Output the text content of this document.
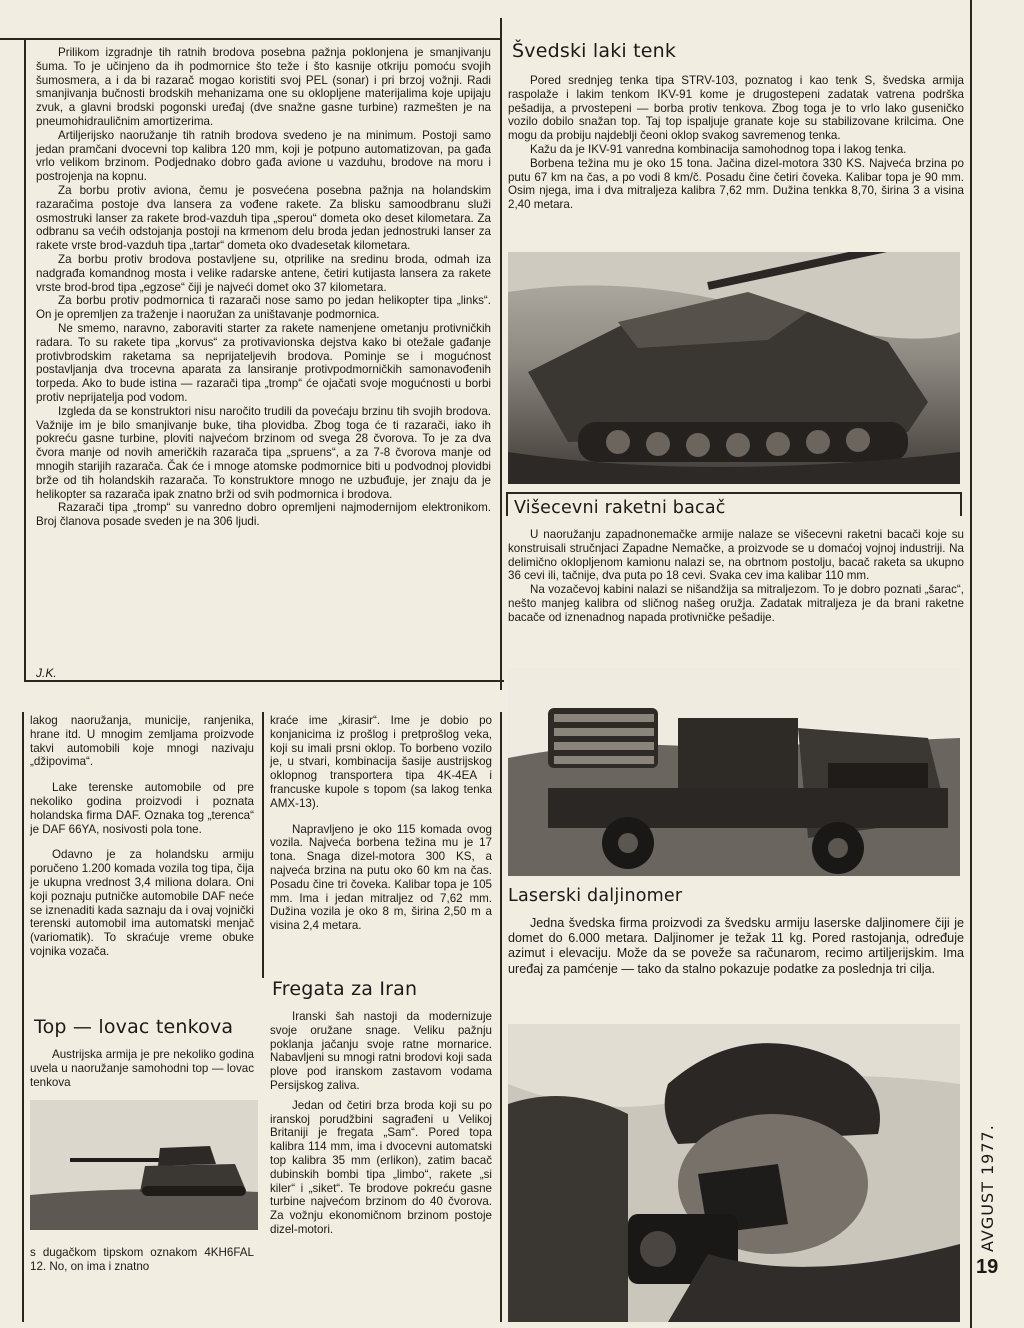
Prilikom izgradnje tih ratnih brodova posebna pažnja poklonjena je smanjivanju šuma. To je učinjeno da ih podmornice što teže i što kasnije otkriju pomoću svojih šumosmera, a i da bi razarač mogao koristiti svoj PEL (sonar) i pri brzoj vožnji. Radi smanjivanja bučnosti brodskih mehanizama one su okloplјene materijalima koje upijaju zvuk, a glavni brodski pogonski uređaj (dve snažne gasne turbine) razmešten je na pneumohidrauličnim amortizerima.

Artiljerijsko naoružanje tih ratnih brodova svedeno je na minimum. Postoji samo jedan pramčani dvocevni top kalibra 120 mm, koji je potpuno automatizovan, pa gađa vrlo velikom brzinom. Podjednako dobro gađa avione u vazduhu, brodove na moru i postrojenja na kopnu.

Za borbu protiv aviona, čemu je posvećena posebna pažnja na holandskim razaračima postoje dva lansera za vođene rakete. Za blisku samoodbranu služi osmostruki lanser za rakete brod-vazduh tipa „sperou“ dometa oko deset kilometara. Za odbranu sa većih odstojanja postoji na krmenom delu broda jedan jednostruki lanser za rakete vrste brod-vazduh tipa „tartar“ dometa oko dvadesetak kilometara.

Za borbu protiv brodova postavljene su, otprilike na sredinu broda, odmah iza nadgrađa komandnog mosta i velike radarske antene, četiri kutijasta lansera za rakete vrste brod-brod tipa „egzose“ čiji je najveći domet oko 37 kilometara.

Za borbu protiv podmornica ti razarači nose samo po jedan helikopter tipa „links“. On je opremljen za traženje i naoružan za uništavanje podmornica.

Ne smemo, naravno, zaboraviti starter za rakete namenjene ometanju protivničkih radara. To su rakete tipa „korvus“ za protivavionska dejstva kako bi otežale gađanje protivbrodskim raketama sa neprijateljevih brodova. Pominje se i mogućnost postavljanja dva trocevna aparata za lansiranje protivpodmorničkih samonavođenih torpeda. Ako to bude istina — razarači tipa „tromp“ će ojačati svoje mogućnosti u borbi protiv neprijatelja pod vodom.

Izgleda da se konstruktori nisu naročito trudili da povećaju brzinu tih svojih brodova. Važnije im je bilo smanjivanje buke, tiha plovidba. Zbog toga će ti razarači, iako ih pokreću gasne turbine, ploviti najvećom brzinom od svega 28 čvorova. To je za dva čvora manje od novih američkih razarača tipa „spruens“, a za 7-8 čvorova manje od mnogih starijih razarača. Čak će i mnoge atomske podmornice biti u podvodnoj plovidbi brže od tih holandskih razarača. To konstruktore mnogo ne uzbuđuje, jer znaju da je helikopter sa razarača ipak znatno brži od svih podmornica i brodova.

Razarači tipa „tromp“ su vanredno dobro opremljeni najmodernijom elektronikom. Broj članova posade sveden je na 306 ljudi.

J.K.
Švedski laki tenk

Pored srednjeg tenka tipa STRV-103, poznatog i kao tenk S, švedska armija raspolaže i lakim tenkom IKV-91 kome je drugostepeni zadatak vatrena podrška pešadija, a prvostepeni — borba protiv tenkova. Zbog toga je to vrlo lako guseničko vozilo dobilo snažan top. Taj top ispaljuje granate koje su stabilizovane krilcima. One mogu da probiju najdeblji čeoni oklop svakog savremenog tenka.

Kažu da je IKV-91 vanredna kombinacija samohodnog topa i lakog tenka.

Borbena težina mu je oko 15 tona. Jačina dizel-motora 330 KS. Najveća brzina po putu 67 km na čas, a po vodi 8 km/č. Posadu čine četiri čoveka. Kalibar topa je 90 mm. Osim njega, ima i dva mitraljeza kalibra 7,62 mm. Dužina tenkka 8,70, širina 3 a visina 2,40 metara.

Višecevni raketni bacač

U naoružanju zapadnonemačke armije nalaze se višecevni raketni bacači koje su konstruisali stručnjaci Zapadne Nemačke, a proizvode se u domaćoj vojnoj industriji. Na delimično okloplјenom kamionu nalazi se, na obrtnom postolju, bacač raketa sa ukupno 36 cevi ili, tačnije, dva puta po 18 cevi. Svaka cev ima kalibar 110 mm.

Na vozačevoj kabini nalazi se nišandžija sa mitraljezom. To je dobro poznati „šarac“, nešto manjeg kalibra od sličnog našeg oružja. Zadatak mitraljeza je da brani raketne bacače od iznenadnog napada protivničke pešadije.

Laserski daljinomer

Jedna švedska firma proizvodi za švedsku armiju laserske daljinomere čiji je domet do 6.000 metara. Daljinomer je težak 11 kg. Pored rastojanja, određuje azimut i elevaciju. Može da se poveže sa računarom, recimo artiljerijskim. Ima uređaj za pamćenje — tako da stalno pokazuje podatke za poslednja tri cilja.

lakog naoružanja, municije, ranjenika, hrane itd. U mnogim zemljama proizvode takvi automobili koje mnogi nazivaju „džipovima“.

Lake terenske automobile od pre nekoliko godina proizvodi i poznata holandska firma DAF. Oznaka tog „terenca“ je DAF 66YA, nosivosti pola tone.

Odavno je za holandsku armiju poručeno 1.200 komada vozila tog tipa, čija je ukupna vrednost 3,4 miliona dolara. Oni koji poznaju putničke automobile DAF neće se iznenaditi kada saznaju da i ovaj vojnički terenski automobil ima automatski menjač (variomatik). To skraćuje vreme obuke vojnika vozača.

Top — lovac tenkova

Austrijska armija je pre nekoliko godina uvela u naoružanje samohodni top — lovac tenkova

s dugačkom tipskom oznakom 4KH6FAL 12. No, on ima i znatno

kraće ime „kirasir“. Ime je dobio po konjanicima iz prošlog i pretprošlog veka, koji su imali prsni oklop. To borbeno vozilo je, u stvari, kombinacija šasije austrijskog oklopnog transportera tipa 4K-4EA i francuske kupole s topom (sa lakog tenka AMX-13).

Napravljeno je oko 115 komada ovog vozila. Najveća borbena težina mu je 17 tona. Snaga dizel-motora 300 KS, a najveća brzina na putu oko 60 km na čas. Posadu čine tri čoveka. Kalibar topa je 105 mm. Ima i jedan mitraljez od 7,62 mm. Dužina vozila je oko 8 m, širina 2,50 m a visina 2,4 metara.

Fregata za Iran

Iranski šah nastoji da modernizuje svoje oružane snage. Veliku pažnju poklanja jačanju svoje ratne mornarice. Nabavljeni su mnogi ratni brodovi koji sada plove pod iranskom zastavom vodama Persijskog zaliva.

Jedan od četiri brza broda koji su po iranskoj porudžbini sagrađeni u Velikoj Britaniji je fregata „Sam“. Pored topa kalibra 114 mm, ima i dvocevni automatski top kalibra 35 mm (erlikon), zatim bacač dubinskih bombi tipa „limbo“, rakete „si kiler“ i „siket“. Te brodove pokreću gasne turbine najvećom brzinom do 40 čvorova. Za vožnju ekonomičnom brzinom postoje dizel-motori.	AVGUST 1977.
19
